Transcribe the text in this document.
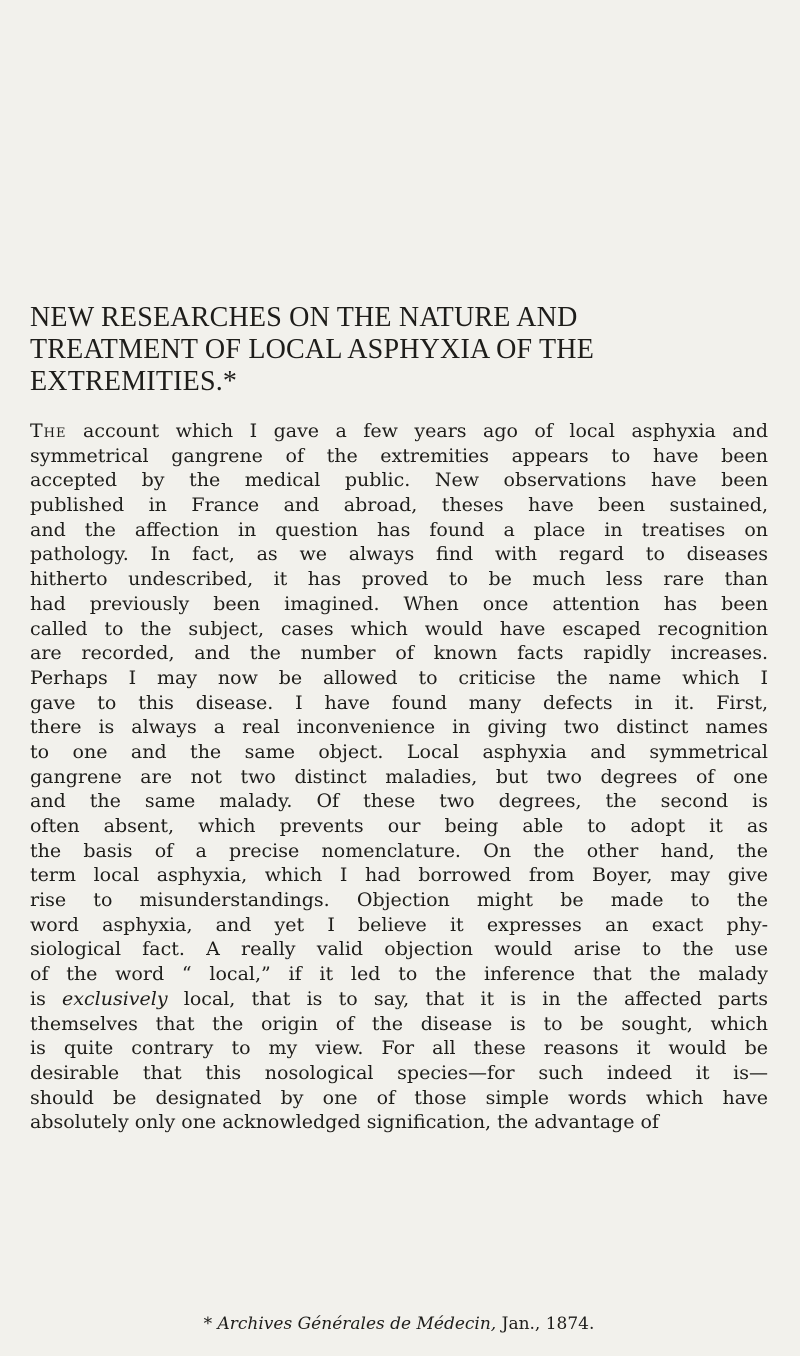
NEW RESEARCHES ON THE NATURE AND
TREATMENT OF LOCAL ASPHYXIA OF THE
EXTREMITIES.*
The account which I gave a few years ago of local asphyxia and
symmetrical gangrene of the extremities appears to have been
accepted by the medical public. New observations have been
published in France and abroad, theses have been sustained,
and the affection in question has found a place in treatises on
pathology. In fact, as we always find with regard to diseases
hitherto undescribed, it has proved to be much less rare than
had previously been imagined. When once attention has been
called to the subject, cases which would have escaped recognition
are recorded, and the number of known facts rapidly increases.
Perhaps I may now be allowed to criticise the name which I
gave to this disease. I have found many defects in it. First,
there is always a real inconvenience in giving two distinct names
to one and the same object. Local asphyxia and symmetrical
gangrene are not two distinct maladies, but two degrees of one
and the same malady. Of these two degrees, the second is
often absent, which prevents our being able to adopt it as
the basis of a precise nomenclature. On the other hand, the
term local asphyxia, which I had borrowed from Boyer, may give
rise to misunderstandings. Objection might be made to the
word asphyxia, and yet I believe it expresses an exact phy-
siological fact. A really valid objection would arise to the use
of the word “ local,” if it led to the inference that the malady
is exclusively local, that is to say, that it is in the affected parts
themselves that the origin of the disease is to be sought, which
is quite contrary to my view. For all these reasons it would be
desirable that this nosological species—for such indeed it is—
should be designated by one of those simple words which have
absolutely only one acknowledged signification, the advantage of
* Archives Générales de Médecin, Jan., 1874.
